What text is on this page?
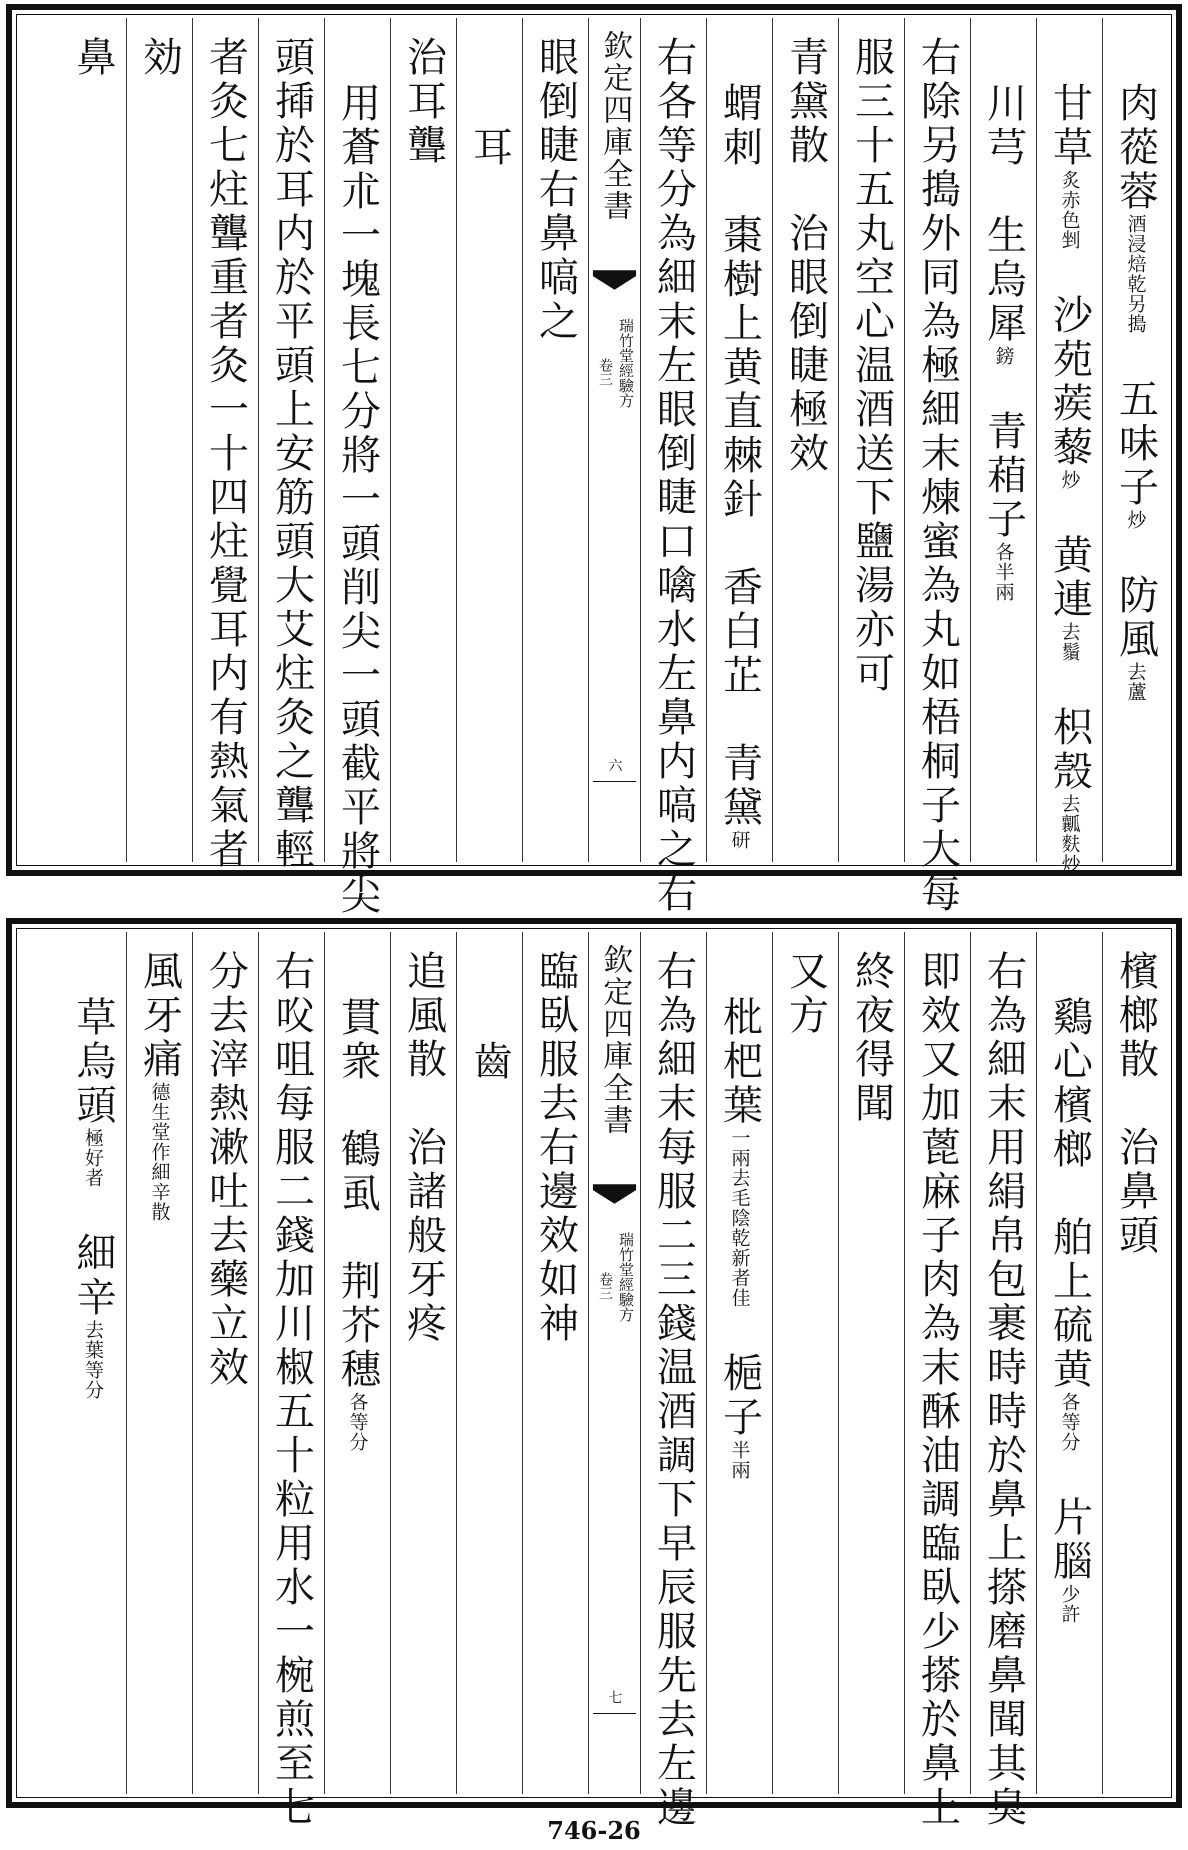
肉蓯蓉酒浸焙乾另搗　五味子炒　防風去蘆
甘草炙赤色剉　沙苑蒺藜炒　黄連去鬚　枳殼去瓤麩炒
川芎　生烏犀鎊　青葙子各半兩
右除另搗外同為極細末煉蜜為丸如梧桐子大每
服三十五丸空心温酒送下鹽湯亦可
青黛散　治眼倒睫極效
蝟刺　棗樹上黄直棘針　香白芷　青黛研
右各等分為細末左眼倒睫口噙水左鼻内嗃之右
欽定四庫全書
瑞竹堂經驗方
卷三
六
眼倒睫右鼻嗃之
耳
治耳聾
用蒼朮一塊長七分將一頭削尖一頭截平將尖
頭揷於耳内於平頭上安筋頭大艾炷灸之聾輕
者灸七炷聾重者灸一十四炷覺耳内有熱氣者
効
鼻
檳榔散　治鼻頭
鷄心檳榔　舶上硫黄各等分　片腦少許
右為細末用絹帛包裹時時於鼻上搽磨鼻聞其臭
即效又加蓖麻子肉為末酥油調臨臥少搽於鼻上
終夜得聞
又方
枇杷葉一兩去毛陰乾新者佳　梔子半兩
右為細末每服二三錢温酒調下早辰服先去左邊
欽定四庫全書
瑞竹堂經驗方
卷三
七
臨臥服去右邊效如神
齒
追風散　治諸般牙疼
貫衆　鶴虱　荆芥穗各等分
右㕮咀每服二錢加川椒五十粒用水一椀煎至七
分去滓熱漱吐去藥立效
風牙痛德生堂作細辛散
草烏頭極好者　細辛去葉等分
746-26
